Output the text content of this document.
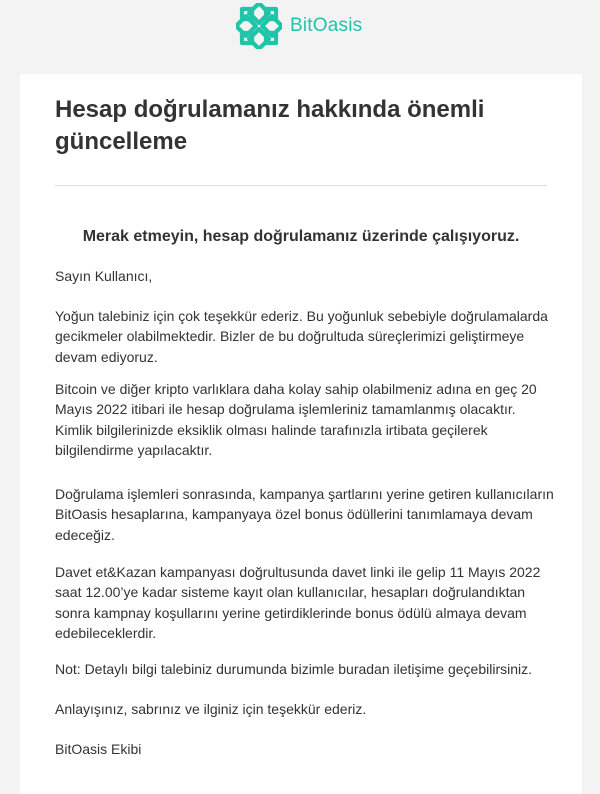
BitOasis
Hesap doğrulamanız hakkında önemli güncelleme
Merak etmeyin, hesap doğrulamanız üzerinde çalışıyoruz.

Sayın Kullanıcı,

Yoğun talebiniz için çok teşekkür ederiz. Bu yoğunluk sebebiyle doğrulamalarda gecikmeler olabilmektedir. Bizler de bu doğrultuda süreçlerimizi geliştirmeye devam ediyoruz.

Bitcoin ve diğer kripto varlıklara daha kolay sahip olabilmeniz adına en geç 20 Mayıs 2022 itibari ile hesap doğrulama işlemleriniz tamamlanmış olacaktır. Kimlik bilgilerinizde eksiklik olması halinde tarafınızla irtibata geçilerek bilgilendirme yapılacaktır.

Doğrulama işlemleri sonrasında, kampanya şartlarını yerine getiren kullanıcıların BitOasis hesaplarına, kampanyaya özel bonus ödüllerini tanımlamaya devam edeceğiz.

Davet et&Kazan kampanyası doğrultusunda davet linki ile gelip 11 Mayıs 2022 saat 12.00’ye kadar sisteme kayıt olan kullanıcılar, hesapları doğrulandıktan sonra kampnay koşullarını yerine getirdiklerinde bonus ödülü almaya devam edebileceklerdir.

Not: Detaylı bilgi talebiniz durumunda bizimle buradan iletişime geçebilirsiniz.

Anlayışınız, sabrınız ve ilginiz için teşekkür ederiz.

BitOasis Ekibi
